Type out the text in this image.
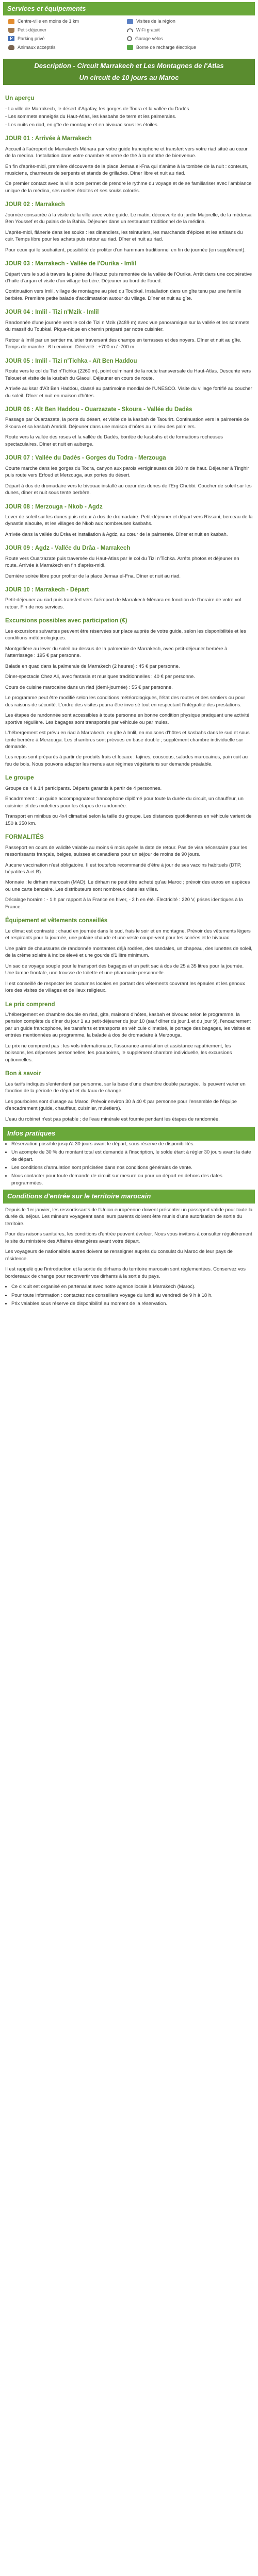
Services et équipements
Centre-ville en moins de 1 km	Visites de la région
Petit-déjeuner	WiFi gratuit
P	Parking privé	Garage vélos
Animaux acceptés	Borne de recharge électrique
Description - Circuit Marrakech et Les Montagnes de l'Atlas
Un circuit de 10 jours au Maroc
Un aperçu
- La ville de Marrakech, le désert d'Agafay, les gorges de Todra et la vallée du Dadès.
- Les sommets enneigés du Haut-Atlas, les kasbahs de terre et les palmeraies.
- Les nuits en riad, en gîte de montagne et en bivouac sous les étoiles.
JOUR 01 : Arrivée à Marrakech

Accueil à l'aéroport de Marrakech-Ménara par votre guide francophone et transfert vers votre riad situé au cœur de la médina. Installation dans votre chambre et verre de thé à la menthe de bienvenue.

En fin d'après-midi, première découverte de la place Jemaa el-Fna qui s'anime à la tombée de la nuit : conteurs, musiciens, charmeurs de serpents et stands de grillades. Dîner libre et nuit au riad.

Ce premier contact avec la ville ocre permet de prendre le rythme du voyage et de se familiariser avec l'ambiance unique de la médina, ses ruelles étroites et ses souks colorés.

JOUR 02 : Marrakech

Journée consacrée à la visite de la ville avec votre guide. Le matin, découverte du jardin Majorelle, de la médersa Ben Youssef et du palais de la Bahia. Déjeuner dans un restaurant traditionnel de la médina.

L'après-midi, flânerie dans les souks : les dinandiers, les teinturiers, les marchands d'épices et les artisans du cuir. Temps libre pour les achats puis retour au riad. Dîner et nuit au riad.

Pour ceux qui le souhaitent, possibilité de profiter d'un hammam traditionnel en fin de journée (en supplément).

JOUR 03 : Marrakech - Vallée de l'Ourika - Imlil

Départ vers le sud à travers la plaine du Haouz puis remontée de la vallée de l'Ourika. Arrêt dans une coopérative d'huile d'argan et visite d'un village berbère. Déjeuner au bord de l'oued.

Continuation vers Imlil, village de montagne au pied du Toubkal. Installation dans un gîte tenu par une famille berbère. Première petite balade d'acclimatation autour du village. Dîner et nuit au gîte.

JOUR 04 : Imlil - Tizi n'Mzik - Imlil

Randonnée d'une journée vers le col de Tizi n'Mzik (2489 m) avec vue panoramique sur la vallée et les sommets du massif du Toubkal. Pique-nique en chemin préparé par notre cuisinier.

Retour à Imlil par un sentier muletier traversant des champs en terrasses et des noyers. Dîner et nuit au gîte. Temps de marche : 6 h environ. Dénivelé : +700 m / -700 m.

JOUR 05 : Imlil - Tizi n'Tichka - Aït Ben Haddou

Route vers le col du Tizi n'Tichka (2260 m), point culminant de la route transversale du Haut-Atlas. Descente vers Telouet et visite de la kasbah du Glaoui. Déjeuner en cours de route.

Arrivée au ksar d'Aït Ben Haddou, classé au patrimoine mondial de l'UNESCO. Visite du village fortifié au coucher du soleil. Dîner et nuit en maison d'hôtes.

JOUR 06 : Aït Ben Haddou - Ouarzazate - Skoura - Vallée du Dadès

Passage par Ouarzazate, la porte du désert, et visite de la kasbah de Taourirt. Continuation vers la palmeraie de Skoura et sa kasbah Amridil. Déjeuner dans une maison d'hôtes au milieu des palmiers.

Route vers la vallée des roses et la vallée du Dadès, bordée de kasbahs et de formations rocheuses spectaculaires. Dîner et nuit en auberge.

JOUR 07 : Vallée du Dadès - Gorges du Todra - Merzouga

Courte marche dans les gorges du Todra, canyon aux parois vertigineuses de 300 m de haut. Déjeuner à Tinghir puis route vers Erfoud et Merzouga, aux portes du désert.

Départ à dos de dromadaire vers le bivouac installé au cœur des dunes de l'Erg Chebbi. Coucher de soleil sur les dunes, dîner et nuit sous tente berbère.

JOUR 08 : Merzouga - Nkob - Agdz

Lever de soleil sur les dunes puis retour à dos de dromadaire. Petit-déjeuner et départ vers Rissani, berceau de la dynastie alaouite, et les villages de Nkob aux nombreuses kasbahs.

Arrivée dans la vallée du Drâa et installation à Agdz, au cœur de la palmeraie. Dîner et nuit en kasbah.

JOUR 09 : Agdz - Vallée du Drâa - Marrakech

Route vers Ouarzazate puis traversée du Haut-Atlas par le col du Tizi n'Tichka. Arrêts photos et déjeuner en route. Arrivée à Marrakech en fin d'après-midi.

Dernière soirée libre pour profiter de la place Jemaa el-Fna. Dîner et nuit au riad.

JOUR 10 : Marrakech - Départ

Petit-déjeuner au riad puis transfert vers l'aéroport de Marrakech-Ménara en fonction de l'horaire de votre vol retour. Fin de nos services.

Excursions possibles avec participation (€)

Les excursions suivantes peuvent être réservées sur place auprès de votre guide, selon les disponibilités et les conditions météorologiques.

Montgolfière au lever du soleil au-dessus de la palmeraie de Marrakech, avec petit-déjeuner berbère à l'atterrissage : 195 € par personne.

Balade en quad dans la palmeraie de Marrakech (2 heures) : 45 € par personne.

Dîner-spectacle Chez Ali, avec fantasia et musiques traditionnelles : 40 € par personne.

Cours de cuisine marocaine dans un riad (demi-journée) : 55 € par personne.

Le programme peut être modifié selon les conditions météorologiques, l'état des routes et des sentiers ou pour des raisons de sécurité. L'ordre des visites pourra être inversé tout en respectant l'intégralité des prestations.

Les étapes de randonnée sont accessibles à toute personne en bonne condition physique pratiquant une activité sportive régulière. Les bagages sont transportés par véhicule ou par mules.

L'hébergement est prévu en riad à Marrakech, en gîte à Imlil, en maisons d'hôtes et kasbahs dans le sud et sous tente berbère à Merzouga. Les chambres sont prévues en base double ; supplément chambre individuelle sur demande.

Les repas sont préparés à partir de produits frais et locaux : tajines, couscous, salades marocaines, pain cuit au feu de bois. Nous pouvons adapter les menus aux régimes végétariens sur demande préalable.

Le groupe

Groupe de 4 à 14 participants. Départs garantis à partir de 4 personnes.

Encadrement : un guide accompagnateur francophone diplômé pour toute la durée du circuit, un chauffeur, un cuisinier et des muletiers pour les étapes de randonnée.

Transport en minibus ou 4x4 climatisé selon la taille du groupe. Les distances quotidiennes en véhicule varient de 150 à 350 km.

FORMALITÉS

Passeport en cours de validité valable au moins 6 mois après la date de retour. Pas de visa nécessaire pour les ressortissants français, belges, suisses et canadiens pour un séjour de moins de 90 jours.

Aucune vaccination n'est obligatoire. Il est toutefois recommandé d'être à jour de ses vaccins habituels (DTP, hépatites A et B).

Monnaie : le dirham marocain (MAD). Le dirham ne peut être acheté qu'au Maroc ; prévoir des euros en espèces ou une carte bancaire. Les distributeurs sont nombreux dans les villes.

Décalage horaire : - 1 h par rapport à la France en hiver, - 2 h en été. Électricité : 220 V, prises identiques à la France.

Équipement et vêtements conseillés

Le climat est contrasté : chaud en journée dans le sud, frais le soir et en montagne. Prévoir des vêtements légers et respirants pour la journée, une polaire chaude et une veste coupe-vent pour les soirées et le bivouac.

Une paire de chaussures de randonnée montantes déjà rodées, des sandales, un chapeau, des lunettes de soleil, de la crème solaire à indice élevé et une gourde d'1 litre minimum.

Un sac de voyage souple pour le transport des bagages et un petit sac à dos de 25 à 35 litres pour la journée. Une lampe frontale, une trousse de toilette et une pharmacie personnelle.

Il est conseillé de respecter les coutumes locales en portant des vêtements couvrant les épaules et les genoux lors des visites de villages et de lieux religieux.

Le prix comprend

L'hébergement en chambre double en riad, gîte, maisons d'hôtes, kasbah et bivouac selon le programme, la pension complète du dîner du jour 1 au petit-déjeuner du jour 10 (sauf dîner du jour 1 et du jour 9), l'encadrement par un guide francophone, les transferts et transports en véhicule climatisé, le portage des bagages, les visites et entrées mentionnées au programme, la balade à dos de dromadaire à Merzouga.

Le prix ne comprend pas : les vols internationaux, l'assurance annulation et assistance rapatriement, les boissons, les dépenses personnelles, les pourboires, le supplément chambre individuelle, les excursions optionnelles.

Bon à savoir

Les tarifs indiqués s'entendent par personne, sur la base d'une chambre double partagée. Ils peuvent varier en fonction de la période de départ et du taux de change.

Les pourboires sont d'usage au Maroc. Prévoir environ 30 à 40 € par personne pour l'ensemble de l'équipe d'encadrement (guide, chauffeur, cuisinier, muletiers).

L'eau du robinet n'est pas potable ; de l'eau minérale est fournie pendant les étapes de randonnée.

Infos pratiques
• Réservation possible jusqu'à 30 jours avant le départ, sous réserve de disponibilités.
• Un acompte de 30 % du montant total est demandé à l'inscription, le solde étant à régler 30 jours avant la date de départ.
• Les conditions d'annulation sont précisées dans nos conditions générales de vente.
• Nous contacter pour toute demande de circuit sur mesure ou pour un départ en dehors des dates programmées.
Conditions d'entrée sur le territoire marocain

Depuis le 1er janvier, les ressortissants de l'Union européenne doivent présenter un passeport valide pour toute la durée du séjour. Les mineurs voyageant sans leurs parents doivent être munis d'une autorisation de sortie du territoire.

Pour des raisons sanitaires, les conditions d'entrée peuvent évoluer. Nous vous invitons à consulter régulièrement le site du ministère des Affaires étrangères avant votre départ.

Les voyageurs de nationalités autres doivent se renseigner auprès du consulat du Maroc de leur pays de résidence.

Il est rappelé que l'introduction et la sortie de dirhams du territoire marocain sont réglementées. Conservez vos bordereaux de change pour reconvertir vos dirhams à la sortie du pays.

• Ce circuit est organisé en partenariat avec notre agence locale à Marrakech (Maroc).
• Pour toute information : contactez nos conseillers voyage du lundi au vendredi de 9 h à 18 h.
• Prix valables sous réserve de disponibilité au moment de la réservation.
